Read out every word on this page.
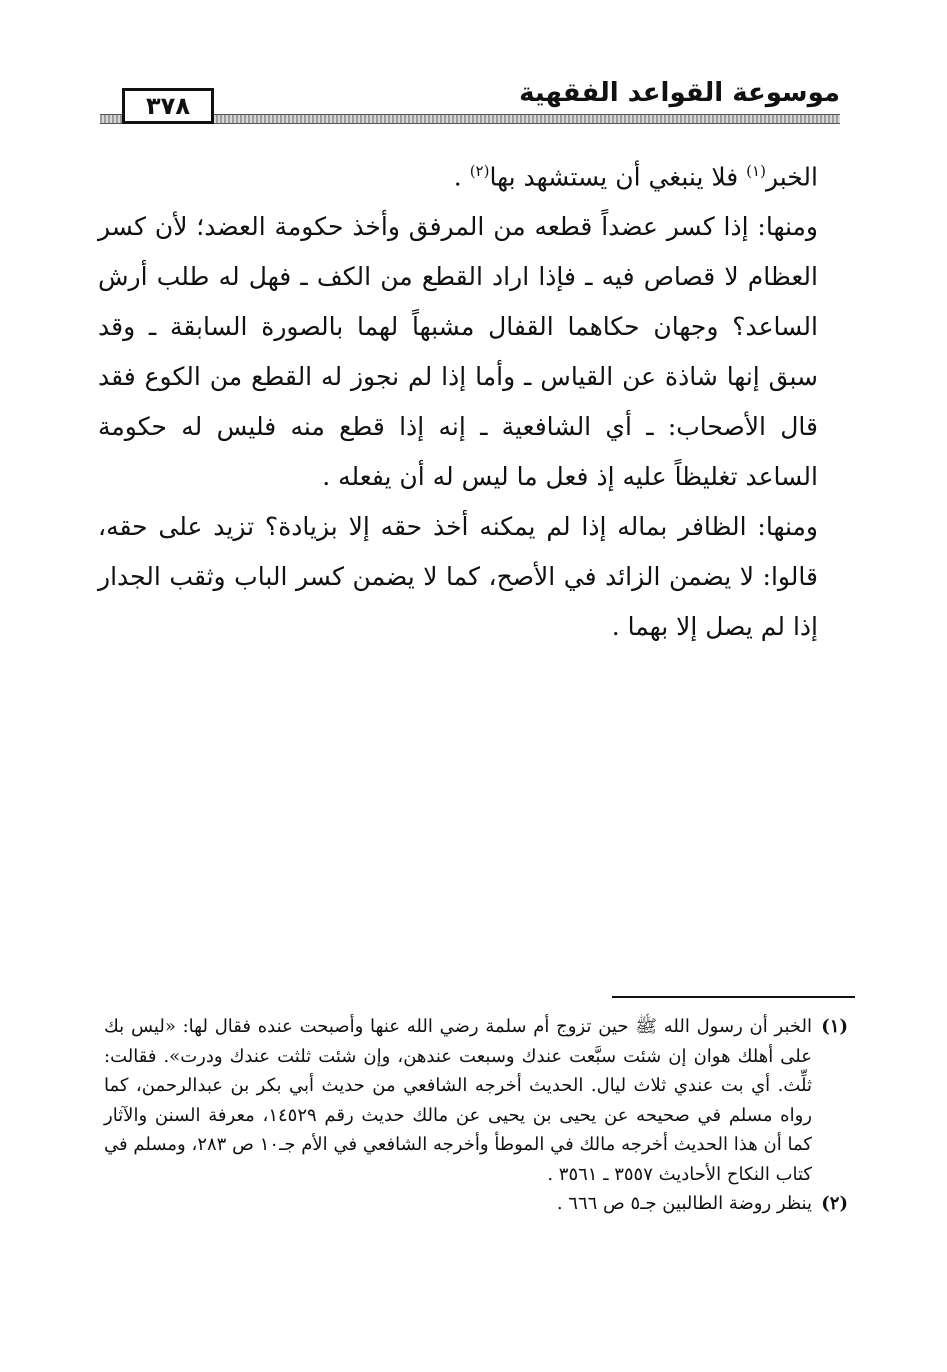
٣٧٨	موسوعة القواعد الفقهية

الخبر$^{(١)}$ فلا ينبغي أن يستشهد بها$^{(٢)}$ .

ومنها: إذا كسر عضداً قطعه من المرفق وأخذ حكومة العضد؛ لأن كسر العظام لا قصاص فيه ـ فإذا اراد القطع من الكف ـ فهل له طلب أرش الساعد؟ وجهان حكاهما القفال مشبهاً لهما بالصورة السابقة ـ وقد سبق إنها شاذة عن القياس ـ وأما إذا لم نجوز له القطع من الكوع فقد قال الأصحاب: ـ أي الشافعية ـ إنه إذا قطع منه فليس له حكومة الساعد تغليظاً عليه إذ فعل ما ليس له أن يفعله .

ومنها: الظافر بماله إذا لم يمكنه أخذ حقه إلا بزيادة؟ تزيد على حقه، قالوا: لا يضمن الزائد في الأصح، كما لا يضمن كسر الباب وثقب الجدار إذا لم يصل إلا بهما .

(١)
الخبر أن رسول الله ﷺ حين تزوج أم سلمة رضي الله عنها وأصبحت عنده فقال لها: «ليس بك على أهلك هوان إن شئت سبَّعت عندك وسبعت عندهن، وإن شئت ثلثت عندك ودرت». فقالت: ثلِّث. أي بت عندي ثلاث ليال. الحديث أخرجه الشافعي من حديث أبي بكر بن عبدالرحمن، كما رواه مسلم في صحيحه عن يحيى بن يحيى عن مالك حديث رقم ١٤٥٢٩، معرفة السنن والآثار كما أن هذا الحديث أخرجه مالك في الموطأ وأخرجه الشافعي في الأم جـ١٠ ص ٢٨٣، ومسلم في كتاب النكاح الأحاديث ٣٥٥٧ ـ ٣٥٦١ .
(٢)
ينظر روضة الطالبين جـ٥ ص ٦٦٦ .
